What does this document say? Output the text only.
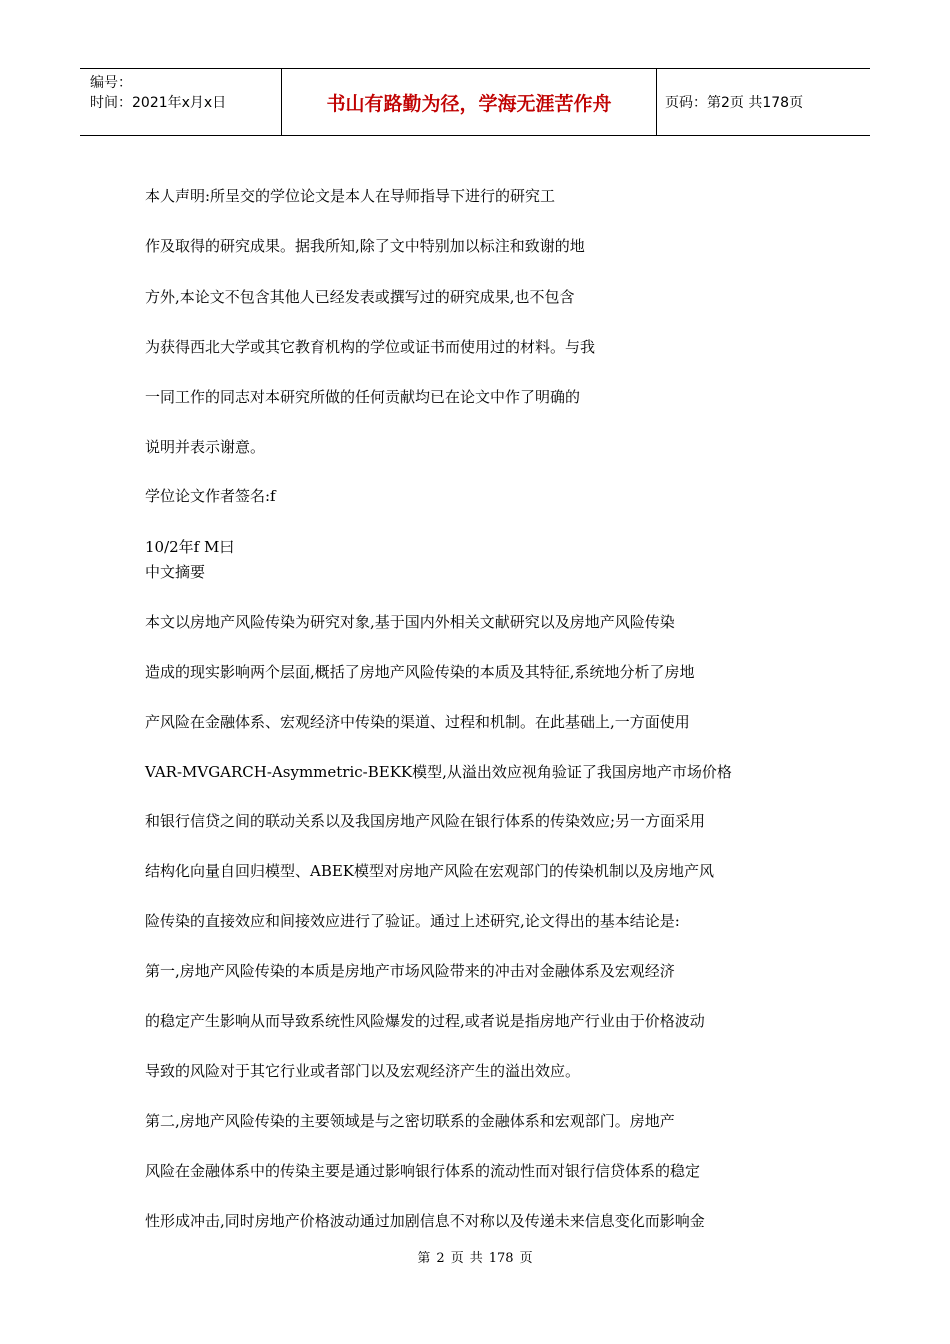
编号：
时间：2021年x月x日	书山有路勤为径，学海无涯苦作舟	页码：第2页 共178页
本人声明:所呈交的学位论文是本人在导师指导下进行的研究工
作及取得的研究成果。据我所知,除了文中特别加以标注和致谢的地
方外,本论文不包含其他人已经发表或撰写过的研究成果,也不包含
为获得西北大学或其它教育机构的学位或证书而使用过的材料。与我
一同工作的同志对本研究所做的任何贡献均已在论文中作了明确的
说明并表示谢意。
学位论文作者签名:f
10/2年f M曰
中文摘要
本文以房地产风险传染为研究对象,基于国内外相关文献研究以及房地产风险传染
造成的现实影响两个层面,概括了房地产风险传染的本质及其特征,系统地分析了房地
产风险在金融体系、宏观经济中传染的渠道、过程和机制。在此基础上,一方面使用
VAR-MVGARCH-Asymmetric-BEKK模型,从溢出效应视角验证了我国房地产市场价格
和银行信贷之间的联动关系以及我国房地产风险在银行体系的传染效应;另一方面采用
结构化向量自回归模型、ABEK模型对房地产风险在宏观部门的传染机制以及房地产风
险传染的直接效应和间接效应进行了验证。通过上述研究,论文得出的基本结论是:
第一,房地产风险传染的本质是房地产市场风险带来的冲击对金融体系及宏观经济
的稳定产生影响从而导致系统性风险爆发的过程,或者说是指房地产行业由于价格波动
导致的风险对于其它行业或者部门以及宏观经济产生的溢出效应。
第二,房地产风险传染的主要领域是与之密切联系的金融体系和宏观部门。房地产
风险在金融体系中的传染主要是通过影响银行体系的流动性而对银行信贷体系的稳定
性形成冲击,同时房地产价格波动通过加剧信息不对称以及传递未来信息变化而影响金
第 2 页 共 178 页
